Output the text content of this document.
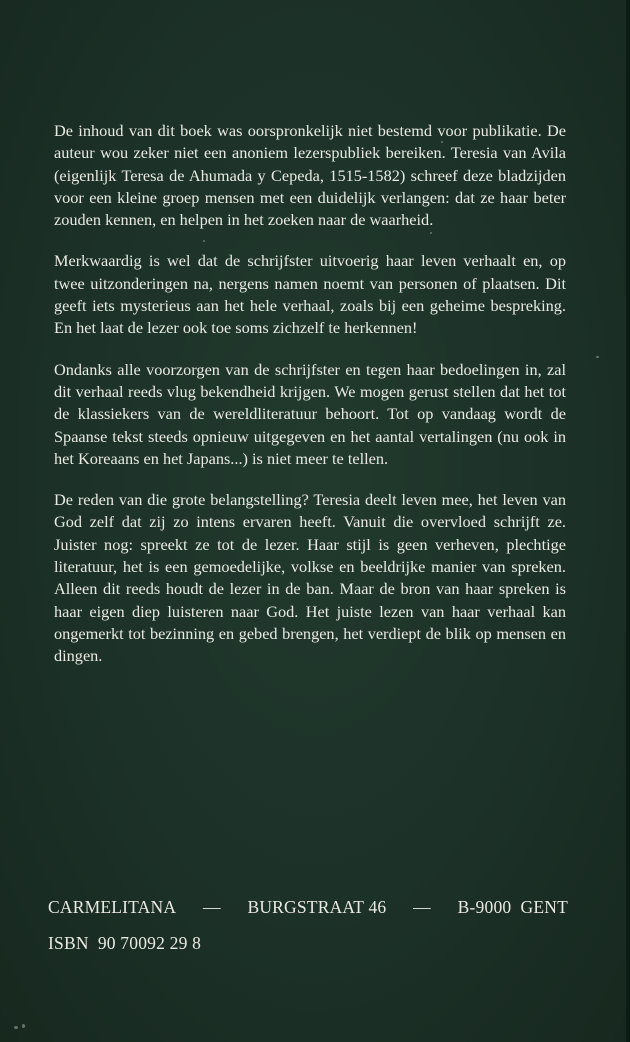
De inhoud van dit boek was oorspronkelijk niet bestemd voor publikatie. De auteur wou zeker niet een anoniem lezerspubliek bereiken. Teresia van Avila (eigenlijk Teresa de Ahumada y Cepeda, 1515-1582) schreef deze bladzijden voor een kleine groep mensen met een duidelijk verlangen: dat ze haar beter zouden kennen, en helpen in het zoeken naar de waarheid.

Merkwaardig is wel dat de schrijfster uitvoerig haar leven verhaalt en, op twee uitzonderingen na, nergens namen noemt van personen of plaatsen. Dit geeft iets mysterieus aan het hele verhaal, zoals bij een geheime bespreking. En het laat de lezer ook toe soms zichzelf te herkennen!

Ondanks alle voorzorgen van de schrijfster en tegen haar bedoelingen in, zal dit verhaal reeds vlug bekendheid krijgen. We mogen gerust stellen dat het tot de klassiekers van de wereldliteratuur behoort. Tot op vandaag wordt de Spaanse tekst steeds opnieuw uitgegeven en het aantal vertalingen (nu ook in het Koreaans en het Japans...) is niet meer te tellen.

De reden van die grote belangstelling? Teresia deelt leven mee, het leven van God zelf dat zij zo intens ervaren heeft. Vanuit die overvloed schrijft ze. Juister nog: spreekt ze tot de lezer. Haar stijl is geen verheven, plechtige literatuur, het is een gemoedelijke, volkse en beeldrijke manier van spreken. Alleen dit reeds houdt de lezer in de ban. Maar de bron van haar spreken is haar eigen diep luisteren naar God. Het juiste lezen van haar verhaal kan ongemerkt tot bezinning en gebed brengen, het verdiept de blik op mensen en dingen.

CARMELITANA — BURGSTRAAT 46 — B-9000  GENT
ISBN  90 70092 29 8
